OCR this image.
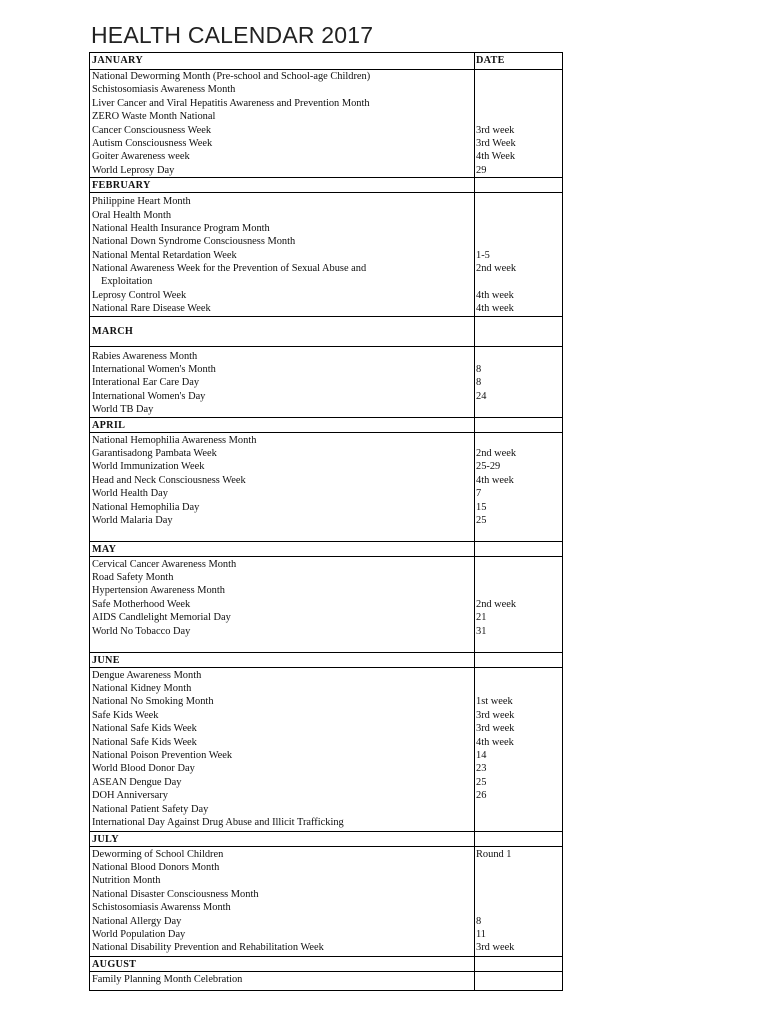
HEALTH CALENDAR 2017
JANUARY	DATE
National Deworming Month (Pre-school and School-age Children)
Schistosomiasis Awareness Month
Liver Cancer and Viral Hepatitis Awareness and Prevention Month
ZERO Waste Month National
Cancer Consciousness Week
Autism Consciousness Week
Goiter Awareness week
World Leprosy Day
3rd week
3rd Week
4th Week
29
FEBRUARY
Philippine Heart Month
Oral Health Month
National Health Insurance Program Month
National Down Syndrome Consciousness Month
National Mental Retardation Week
National Awareness Week for the Prevention of Sexual Abuse and
Exploitation
Leprosy Control Week
National Rare Disease Week
1-5
2nd week
4th week
4th week
MARCH
Rabies Awareness Month
International Women's Month
Interational Ear Care Day
International Women's Day
World TB Day
8
8
24
APRIL
National Hemophilia Awareness Month
Garantisadong Pambata Week
World Immunization Week
Head and Neck Consciousness Week
World Health Day
National Hemophilia Day
World Malaria Day
2nd week
25-29
4th week
7
15
25
MAY
Cervical Cancer Awareness Month
Road Safety Month
Hypertension Awareness Month
Safe Motherhood Week
AIDS Candlelight Memorial Day
World No Tobacco Day
2nd week
21
31
JUNE
Dengue Awareness Month
National Kidney Month
National No Smoking Month
Safe Kids Week
National Safe Kids Week
National Safe Kids Week
National Poison Prevention Week
World Blood Donor Day
ASEAN Dengue Day
DOH Anniversary
National Patient Safety Day
International Day Against Drug Abuse and Illicit Trafficking
1st week
3rd week
3rd week
4th week
14
23
25
26
JULY
Deworming of School Children
National Blood Donors Month
Nutrition Month
National Disaster Consciousness Month
Schistosomiasis Awarenss Month
National Allergy Day
World Population Day
National Disability Prevention and Rehabilitation Week
Round 1
8
11
3rd week
AUGUST
Family Planning Month Celebration
